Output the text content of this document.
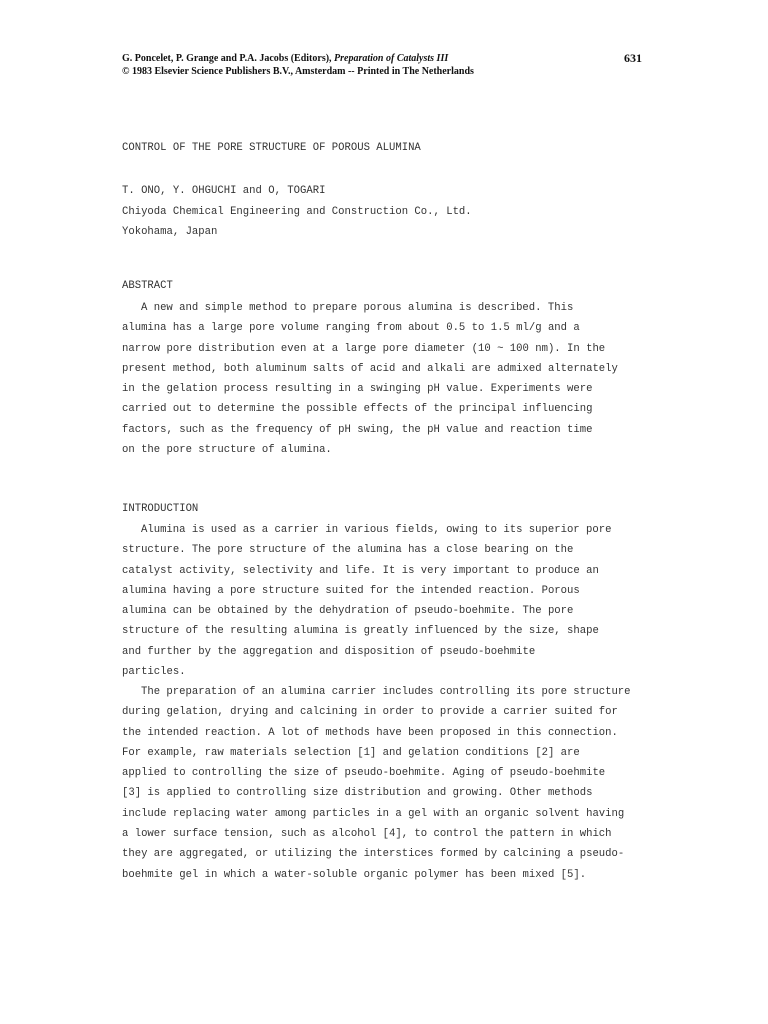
G. Poncelet, P. Grange and P.A. Jacobs (Editors), Preparation of Catalysts III
© 1983 Elsevier Science Publishers B.V., Amsterdam -- Printed in The Netherlands
631
CONTROL OF THE PORE STRUCTURE OF POROUS ALUMINA
T. ONO, Y. OHGUCHI and O, TOGARI
Chiyoda Chemical Engineering and Construction Co., Ltd.
Yokohama, Japan
ABSTRACT
A new and simple method to prepare porous alumina is described. This
alumina has a large pore volume ranging from about 0.5 to 1.5 ml/g and a
narrow pore distribution even at a large pore diameter (10 ~ 100 nm). In the
present method, both aluminum salts of acid and alkali are admixed alternately
in the gelation process resulting in a swinging pH value. Experiments were
carried out to determine the possible effects of the principal influencing
factors, such as the frequency of pH swing, the pH value and reaction time
on the pore structure of alumina.
INTRODUCTION
Alumina is used as a carrier in various fields, owing to its superior pore
structure. The pore structure of the alumina has a close bearing on the
catalyst activity, selectivity and life. It is very important to produce an
alumina having a pore structure suited for the intended reaction. Porous
alumina can be obtained by the dehydration of pseudo-boehmite. The pore
structure of the resulting alumina is greatly influenced by the size, shape
and further by the aggregation and disposition of pseudo-boehmite
particles.
The preparation of an alumina carrier includes controlling its pore structure
during gelation, drying and calcining in order to provide a carrier suited for
the intended reaction. A lot of methods have been proposed in this connection.
For example, raw materials selection [1] and gelation conditions [2] are
applied to controlling the size of pseudo-boehmite. Aging of pseudo-boehmite
[3] is applied to controlling size distribution and growing. Other methods
include replacing water among particles in a gel with an organic solvent having
a lower surface tension, such as alcohol [4], to control the pattern in which
they are aggregated, or utilizing the interstices formed by calcining a pseudo-
boehmite gel in which a water-soluble organic polymer has been mixed [5].
